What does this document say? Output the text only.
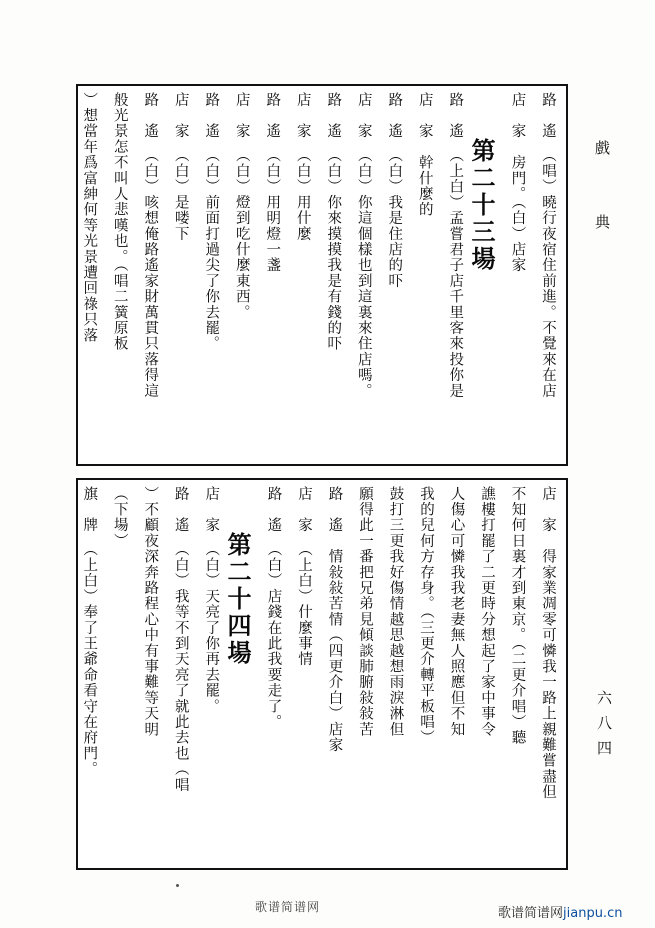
戲　典
六八四
路　遙　（唱）曉行夜宿住前進。不覺來在店
店　家　房門。（白）店家
第二十三場
路　遙　（上白）孟嘗君子店千里客來投你是
店　家　幹什麼的
路　遙　（白）我是住店的吓
店　家　（白）你這個樣也到這裏來住店嗎。
路　遙　（白）你來摸摸我是有錢的吓
店　家　（白）用什麼
路　遙　（白）用明燈一盞
店　家　（白）燈到吃什麼東西。
路　遙　（白）前面打過尖了你去罷。
店　家　（白）是喽下
路　遙　（白）咳想俺路遙家財萬貫只落得這
般光景怎不叫人悲嘆也。（唱二簧原板
）想當年爲富紳何等光景遭回祿只落
店　家　得家業凋零可憐我一路上親難嘗盡但
不知何日裏才到東京。（二更介唱）聽
譙樓打罷了二更時分想起了家中事令
人傷心可憐我我老妻無人照應但不知
我的兒何方存身。（三更介轉平板唱）
鼓打三更我好傷情越思越想雨淚淋但
願得此一番把兄弟見傾談肺腑敍敍苦
路　遙　情敍敍苦情（四更介白）店家
店　家　（上白）什麼事情
路　遙　（白）店錢在此我要走了。
第二十四場
店　家　（白）天亮了你再去罷。
路　遙　（白）我等不到天亮了就此去也（唱
）不顧夜深奔路程心中有事難等天明
（下場）
旗　牌　（上白）奉了王爺命看守在府門。
歌谱简谱网	歌谱简谱网jianpu.cn
